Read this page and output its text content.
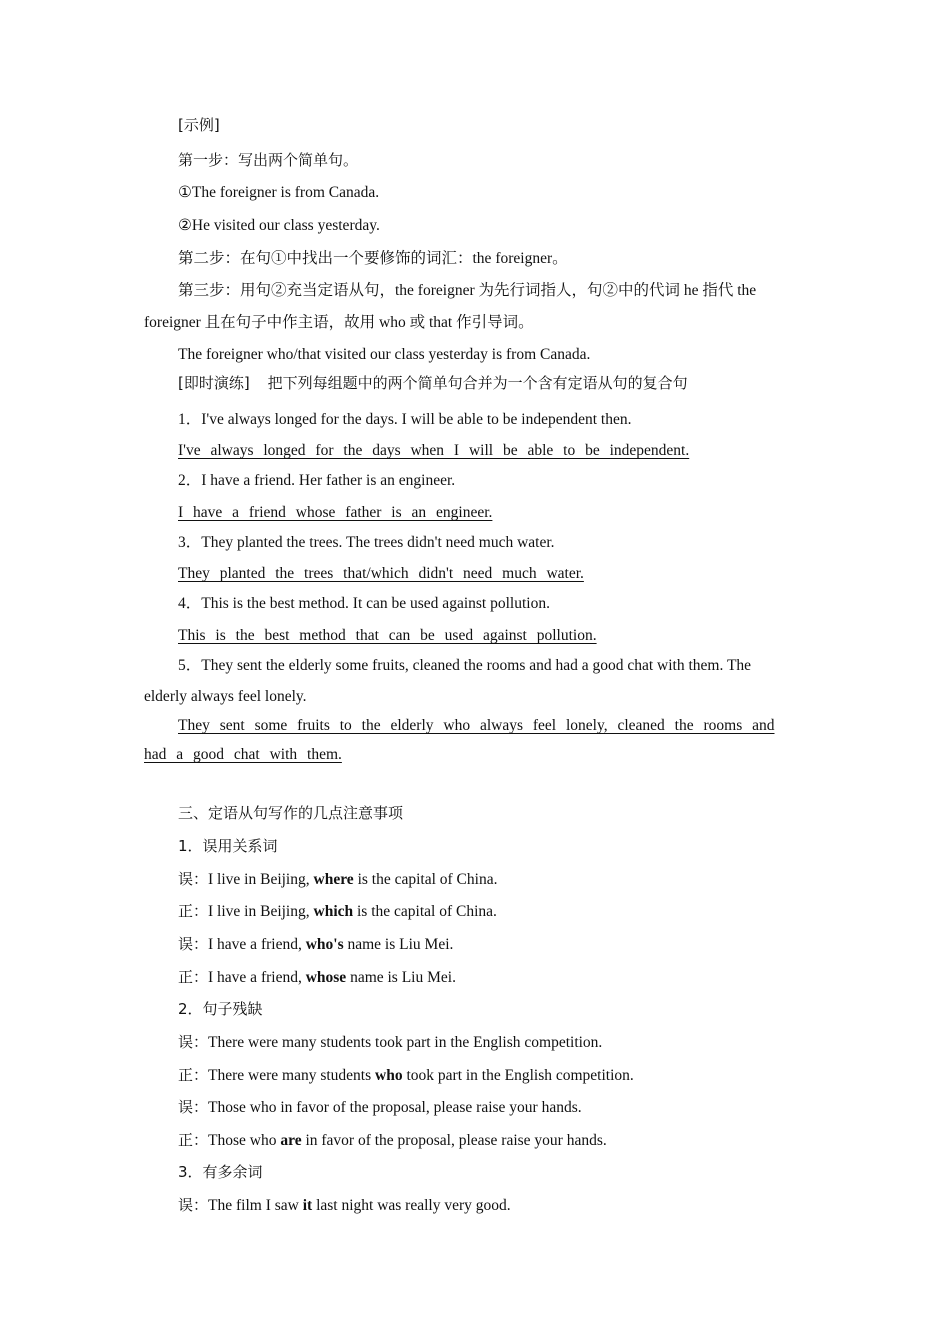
[示例]
第一步：写出两个简单句。
①The foreigner is from Canada.
②He visited our class yesterday.
第二步：在句①中找出一个要修饰的词汇：the foreigner。
第三步：用句②充当定语从句，the foreigner 为先行词指人，句②中的代词 he 指代 the
foreigner 且在句子中作主语，故用 who 或 that 作引导词。
The foreigner who/that visited our class yesterday is from Canada.
[即时演练] 把下列每组题中的两个简单句合并为一个含有定语从句的复合句
1．I've always longed for the days. I will be able to be independent then.
I've always longed for the days when I will be able to be independent.
2．I have a friend. Her father is an engineer.
I have a friend whose father is an engineer.
3．They planted the trees. The trees didn't need much water.
They planted the trees that/which didn't need much water.
4．This is the best method. It can be used against pollution.
This is the best method that can be used against pollution.
5．They sent the elderly some fruits, cleaned the rooms and had a good chat with them. The
elderly always feel lonely.
They sent some fruits to the elderly who always feel lonely, cleaned the rooms and
had a good chat with them.
三、定语从句写作的几点注意事项
1．误用关系词
误：I live in Beijing, where is the capital of China.
正：I live in Beijing, which is the capital of China.
误：I have a friend, who's name is Liu Mei.
正：I have a friend, whose name is Liu Mei.
2．句子残缺
误：There were many students took part in the English competition.
正：There were many students who took part in the English competition.
误：Those who in favor of the proposal, please raise your hands.
正：Those who are in favor of the proposal, please raise your hands.
3．有多余词
误：The film I saw it last night was really very good.
